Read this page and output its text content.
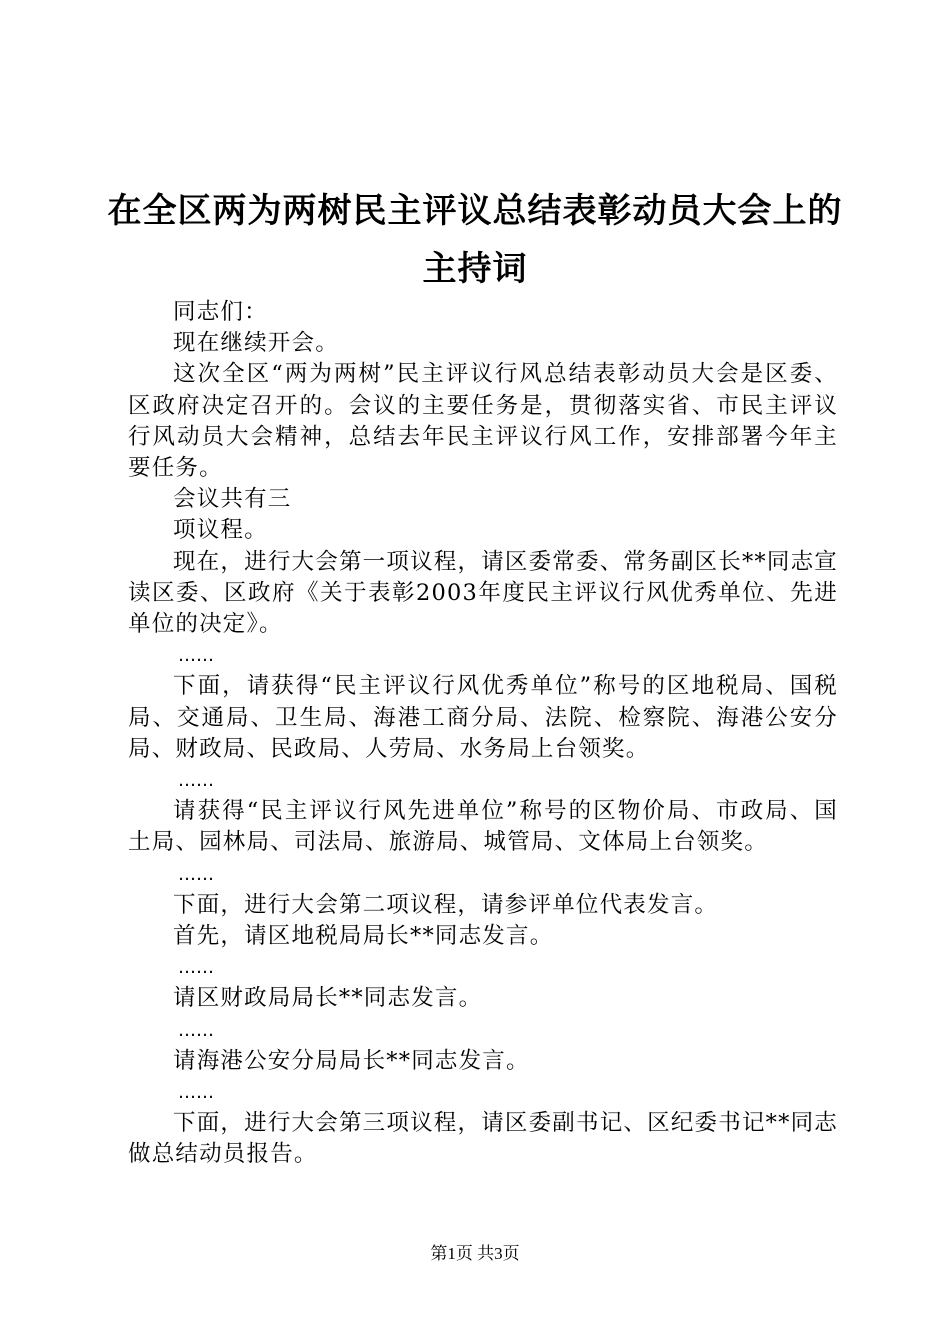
在全区两为两树民主评议总结表彰动员大会上的主持词

同志们：

现在继续开会。

这次全区“两为两树”民主评议行风总结表彰动员大会是区委、区政府决定召开的。会议的主要任务是，贯彻落实省、市民主评议行风动员大会精神，总结去年民主评议行风工作，安排部署今年主要任务。

会议共有三

项议程。

现在，进行大会第一项议程，请区委常委、常务副区长**同志宣读区委、区政府《关于表彰2003年度民主评议行风优秀单位、先进单位的决定》。

……

下面，请获得“民主评议行风优秀单位”称号的区地税局、国税局、交通局、卫生局、海港工商分局、法院、检察院、海港公安分局、财政局、民政局、人劳局、水务局上台领奖。

……

请获得“民主评议行风先进单位”称号的区物价局、市政局、国土局、园林局、司法局、旅游局、城管局、文体局上台领奖。

……

下面，进行大会第二项议程，请参评单位代表发言。

首先，请区地税局局长**同志发言。

……

请区财政局局长**同志发言。

……

请海港公安分局局长**同志发言。

……

下面，进行大会第三项议程，请区委副书记、区纪委书记**同志做总结动员报告。

第1页 共3页
